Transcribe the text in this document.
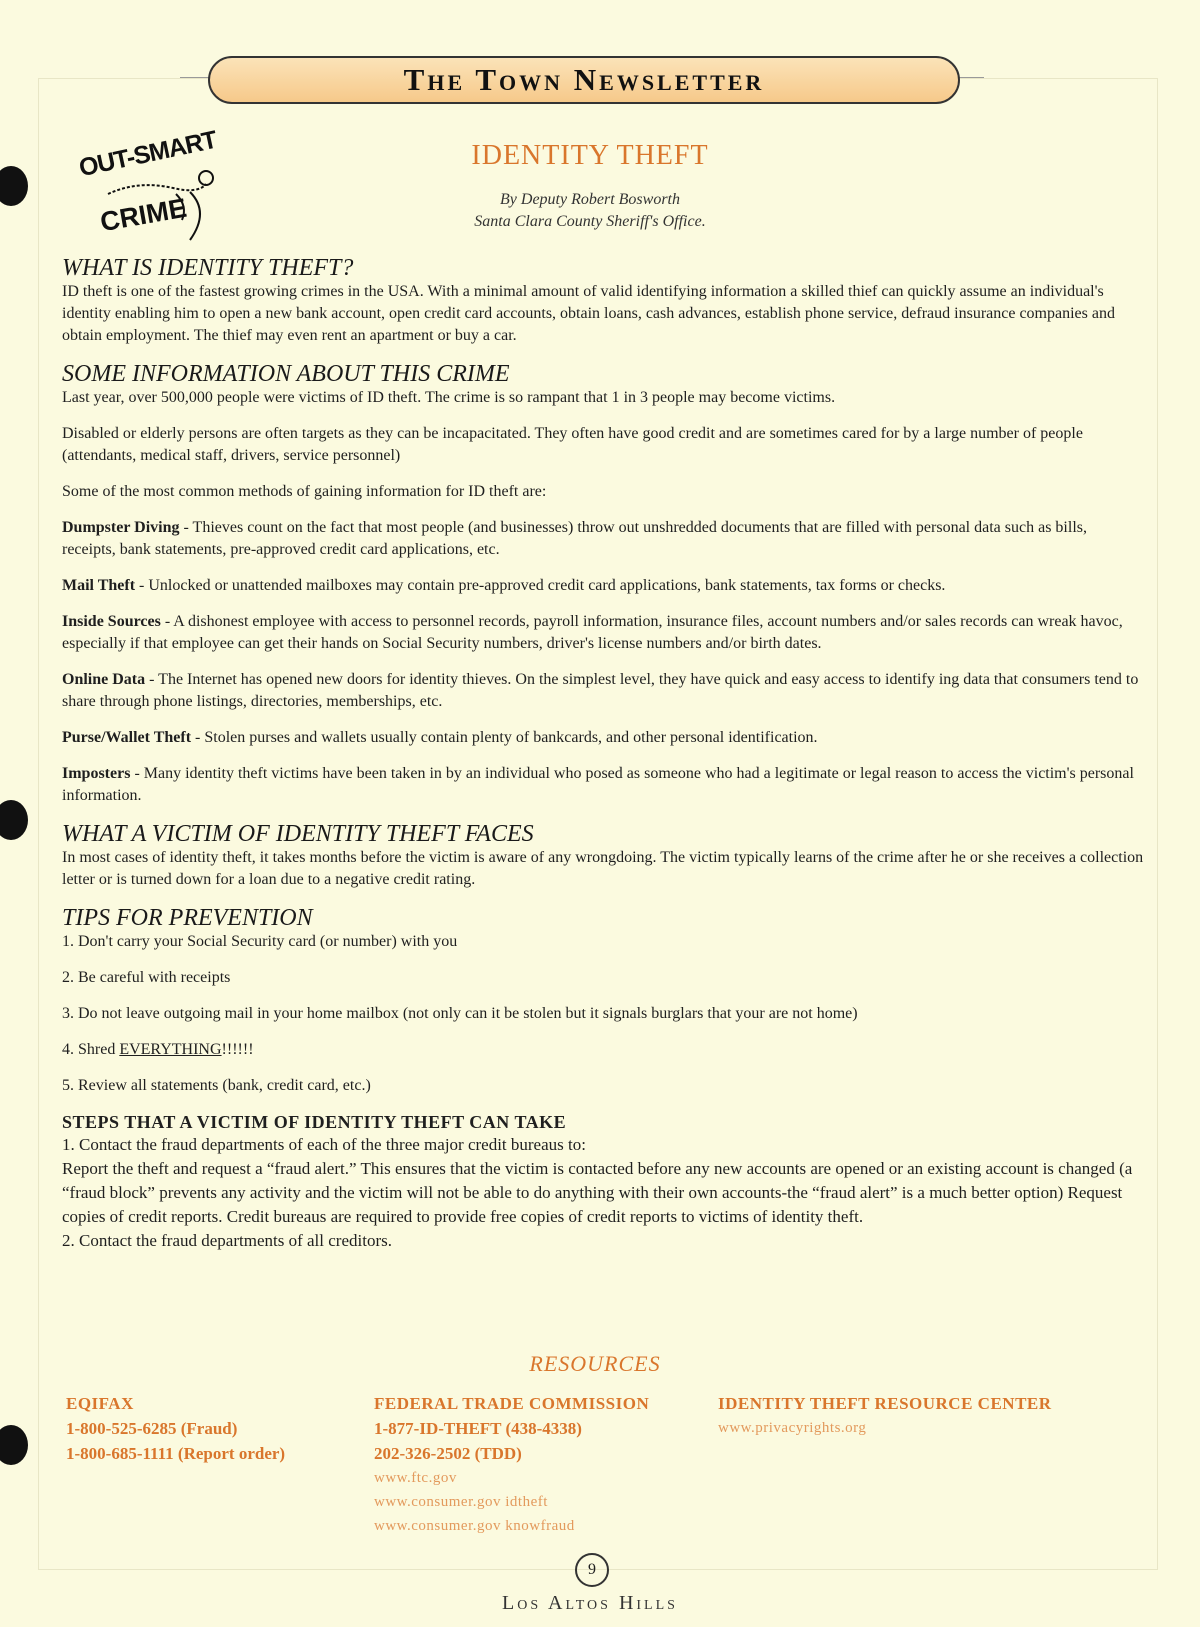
The Town Newsletter
OUT-SMART
CRIME
IDENTITY THEFT
By Deputy Robert Bosworth
Santa Clara County Sheriff's Office.
WHAT IS IDENTITY THEFT?

ID theft is one of the fastest growing crimes in the USA. With a minimal amount of valid identifying information a skilled thief can quickly assume an individual's identity enabling him to open a new bank account, open credit card accounts, obtain loans, cash advances, establish phone service, defraud insurance companies and obtain employment. The thief may even rent an apartment or buy a car.

SOME INFORMATION ABOUT THIS CRIME

Last year, over 500,000 people were victims of ID theft. The crime is so rampant that 1 in 3 people may become victims.

Disabled or elderly persons are often targets as they can be incapacitated. They often have good credit and are sometimes cared for by a large number of people (attendants, medical staff, drivers, service personnel)

Some of the most common methods of gaining information for ID theft are:

Dumpster Diving - Thieves count on the fact that most people (and businesses) throw out unshredded documents that are filled with personal data such as bills, receipts, bank statements, pre-approved credit card applications, etc.

Mail Theft - Unlocked or unattended mailboxes may contain pre-approved credit card applications, bank statements, tax forms or checks.

Inside Sources - A dishonest employee with access to personnel records, payroll information, insurance files, account numbers and/or sales records can wreak havoc, especially if that employee can get their hands on Social Security numbers, driver's license numbers and/or birth dates.

Online Data - The Internet has opened new doors for identity thieves. On the simplest level, they have quick and easy access to identify ing data that consumers tend to share through phone listings, directories, memberships, etc.

Purse/Wallet Theft - Stolen purses and wallets usually contain plenty of bankcards, and other personal identification.

Imposters - Many identity theft victims have been taken in by an individual who posed as someone who had a legitimate or legal reason to access the victim's personal information.

WHAT A VICTIM OF IDENTITY THEFT FACES

In most cases of identity theft, it takes months before the victim is aware of any wrongdoing. The victim typically learns of the crime after he or she receives a collection letter or is turned down for a loan due to a negative credit rating.

TIPS FOR PREVENTION

1. Don't carry your Social Security card (or number) with you

2. Be careful with receipts

3. Do not leave outgoing mail in your home mailbox (not only can it be stolen but it signals burglars that your are not home)

4. Shred EVERYTHING!!!!!!

5. Review all statements (bank, credit card, etc.)

STEPS THAT A VICTIM OF IDENTITY THEFT CAN TAKE

1. Contact the fraud departments of each of the three major credit bureaus to:

Report the theft and request a “fraud alert.” This ensures that the victim is contacted before any new accounts are opened or an existing account is changed (a “fraud block” prevents any activity and the victim will not be able to do anything with their own accounts-the “fraud alert” is a much better option) Request copies of credit reports. Credit bureaus are required to provide free copies of credit reports to victims of identity theft.

2. Contact the fraud departments of all creditors.

RESOURCES
EQIFAX
1-800-525-6285 (Fraud)
1-800-685-1111 (Report order)
FEDERAL TRADE COMMISSION
1-877-ID-THEFT (438-4338)
202-326-2502 (TDD)
www.ftc.gov
www.consumer.gov idtheft
www.consumer.gov knowfraud
IDENTITY THEFT RESOURCE CENTER
www.privacyrights.org
9
Los Altos Hills
